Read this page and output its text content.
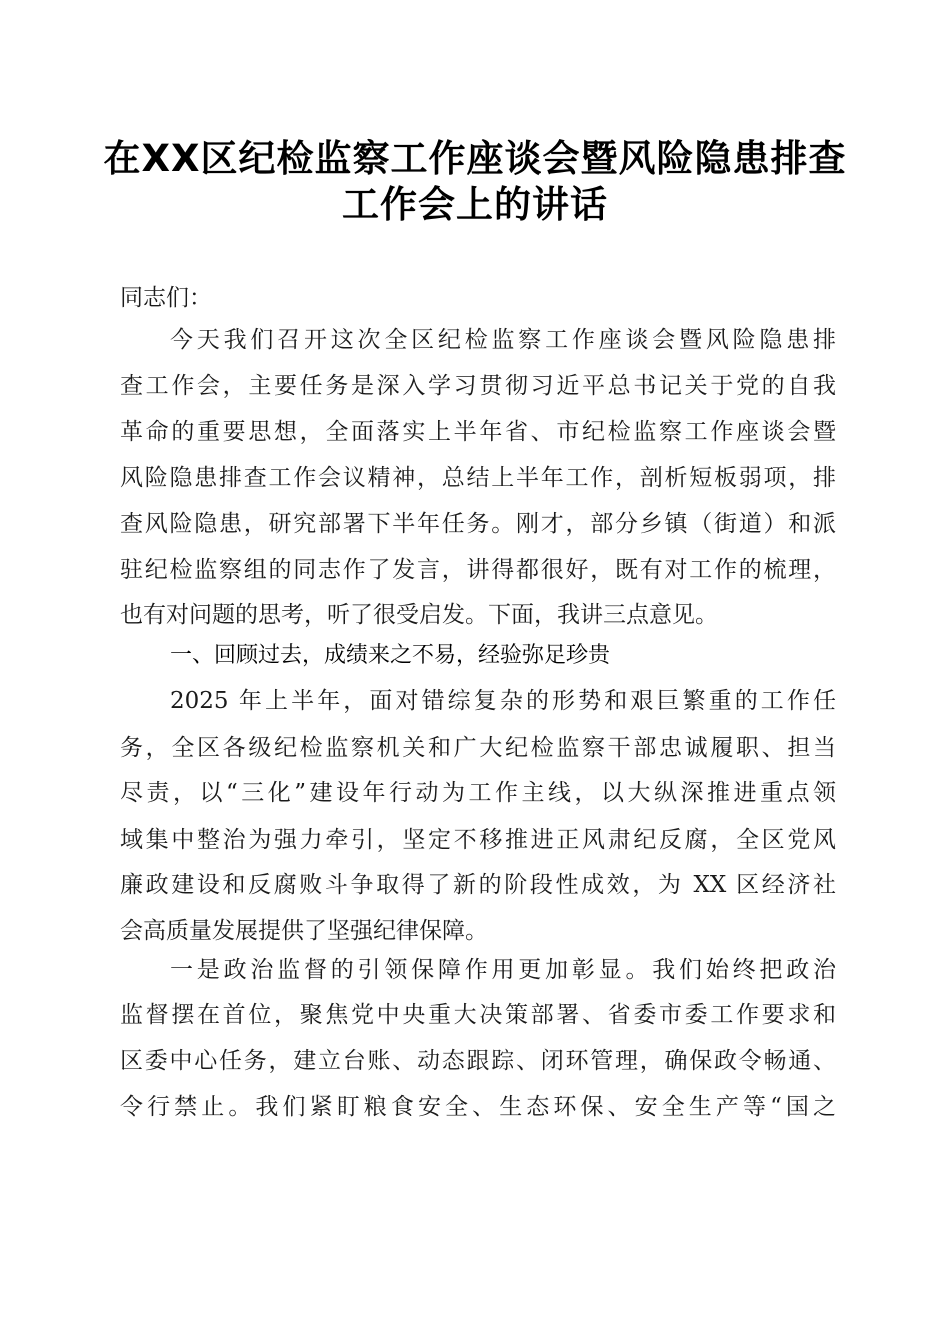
在XX区纪检监察工作座谈会暨风险隐患排查
工作会上的讲话
同志们：
今天我们召开这次全区纪检监察工作座谈会暨风险隐患排
查工作会，主要任务是深入学习贯彻习近平总书记关于党的自我
革命的重要思想，全面落实上半年省、市纪检监察工作座谈会暨
风险隐患排查工作会议精神，总结上半年工作，剖析短板弱项，排
查风险隐患，研究部署下半年任务。刚才，部分乡镇（街道）和派
驻纪检监察组的同志作了发言，讲得都很好，既有对工作的梳理，
也有对问题的思考，听了很受启发。下面，我讲三点意见。
一、回顾过去，成绩来之不易，经验弥足珍贵
2025 年上半年，面对错综复杂的形势和艰巨繁重的工作任
务，全区各级纪检监察机关和广大纪检监察干部忠诚履职、担当
尽责，以“三化”建设年行动为工作主线，以大纵深推进重点领
域集中整治为强力牵引，坚定不移推进正风肃纪反腐，全区党风
廉政建设和反腐败斗争取得了新的阶段性成效，为 XX 区经济社
会高质量发展提供了坚强纪律保障。
一是政治监督的引领保障作用更加彰显。我们始终把政治
监督摆在首位，聚焦党中央重大决策部署、省委市委工作要求和
区委中心任务，建立台账、动态跟踪、闭环管理，确保政令畅通、
令行禁止。我们紧盯粮食安全、生态环保、安全生产等“国之
